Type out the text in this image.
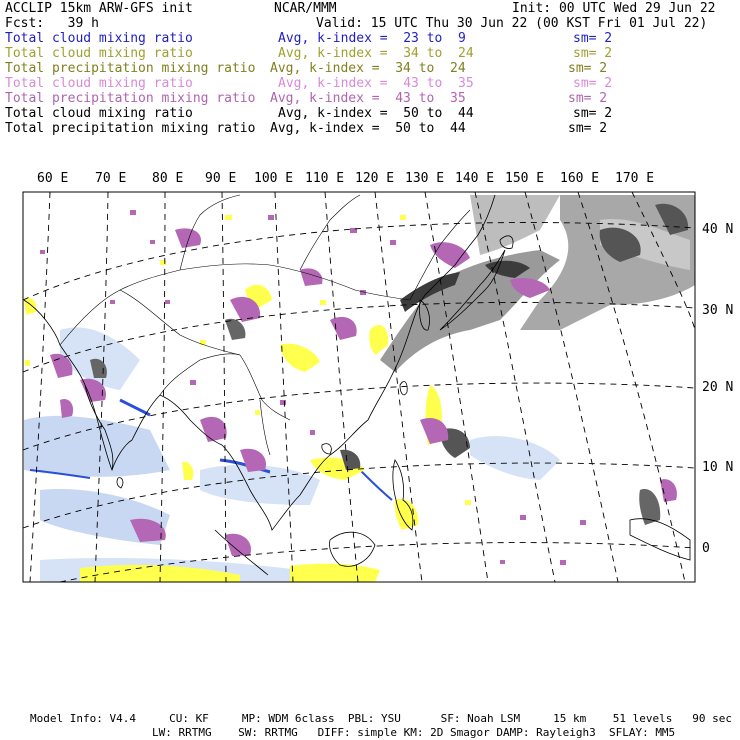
ACCLIP 15km ARW-GFS init	NCAR/MMM	Init: 00 UTC Wed 29 Jun 22
Fcst:   39 h	Valid: 15 UTC Thu 30 Jun 22 (00 KST Fri 01 Jul 22)
Total cloud mixing ratio	Avg, k-index =  23 to  9	sm= 2
Total cloud mixing ratio	Avg, k-index =  34 to  24	sm= 2
Total precipitation mixing ratio Avg, k-index =  34 to  24	sm= 2
Total cloud mixing ratio	Avg, k-index =  43 to  35	sm= 2
Total precipitation mixing ratio Avg, k-index =  43 to  35	sm= 2
Total cloud mixing ratio	Avg, k-index =  50 to  44	sm= 2
Total precipitation mixing ratio Avg, k-index =  50 to  44	sm= 2
60 E 70 E 80 E 90 E 100 E 110 E 120 E 130 E 140 E 150 E 160 E 170 E
40 N
30 N
20 N
10 N
0
Model Info: V4.4     CU: KF     MP: WDM 6class  PBL: YSU      SF: Noah LSM     15 km    51 levels   90 sec
LW: RRTMG    SW: RRTMG   DIFF: simple KM: 2D Smagor DAMP: Rayleigh3  SFLAY: MM5
